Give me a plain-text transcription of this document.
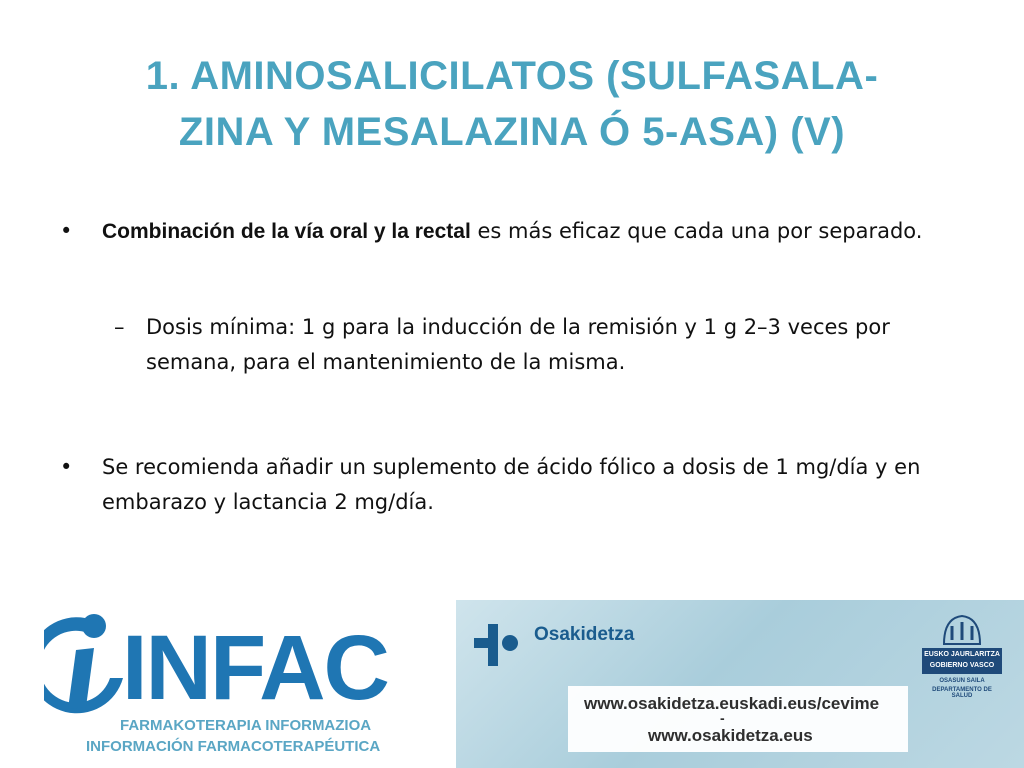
1. AMINOSALICILATOS (SULFASALA-
ZINA Y MESALAZINA Ó 5-ASA) (V)
• Combinación de la vía oral y la rectal es más eficaz que cada una por separado.
– Dosis mínima: 1 g para la inducción de la remisión y 1 g 2–3 veces por semana, para el mantenimiento de la misma.
• Se recomienda añadir un suplemento de ácido fólico a dosis de 1 mg/día y en embarazo y lactancia 2 mg/día.
INFAC
FARMAKOTERAPIA INFORMAZIOA
INFORMACIÓN FARMACOTERAPÉUTICA
Osakidetza
www.osakidetza.euskadi.eus/cevime
-
www.osakidetza.eus
EUSKO JAURLARITZA
GOBIERNO VASCO
OSASUN SAILA
DEPARTAMENTO DE SALUD
